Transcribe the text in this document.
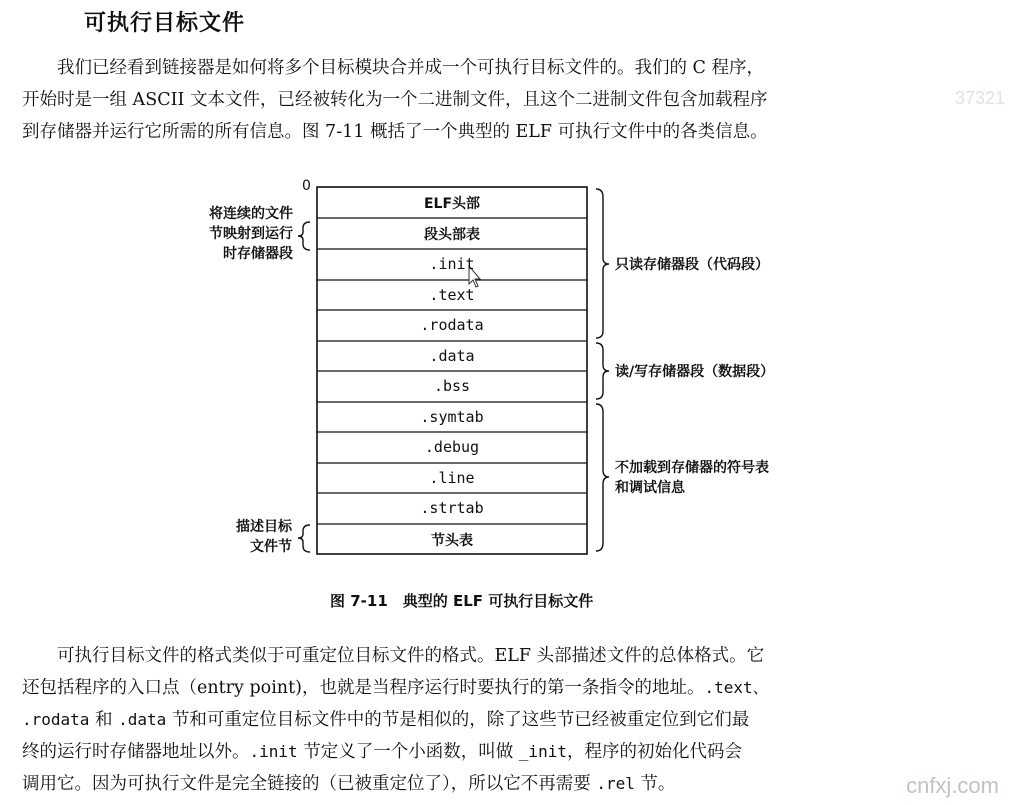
可执行目标文件
　　我们已经看到链接器是如何将多个目标模块合并成一个可执行目标文件的。我们的 C 程序，
开始时是一组 ASCII 文本文件，已经被转化为一个二进制文件，且这个二进制文件包含加载程序
到存储器并运行它所需的所有信息。图 7-11 概括了一个典型的 ELF 可执行文件中的各类信息。
37321
0
ELF头部
段头部表
.init
.text
.rodata
.data
.bss
.symtab
.debug
.line
.strtab
节头表
将连续的文件
节映射到运行
时存储器段
描述目标
文件节
只读存储器段（代码段）
读/写存储器段（数据段）
不加载到存储器的符号表
和调试信息
图 7-11　典型的 ELF 可执行目标文件
　　可执行目标文件的格式类似于可重定位目标文件的格式。ELF 头部描述文件的总体格式。它
还包括程序的入口点（entry point)，也就是当程序运行时要执行的第一条指令的地址。.text、
.rodata 和 .data 节和可重定位目标文件中的节是相似的，除了这些节已经被重定位到它们最
终的运行时存储器地址以外。.init 节定义了一个小函数，叫做 _init，程序的初始化代码会
调用它。因为可执行文件是完全链接的（已被重定位了），所以它不再需要 .rel 节。	cnfxj.com
